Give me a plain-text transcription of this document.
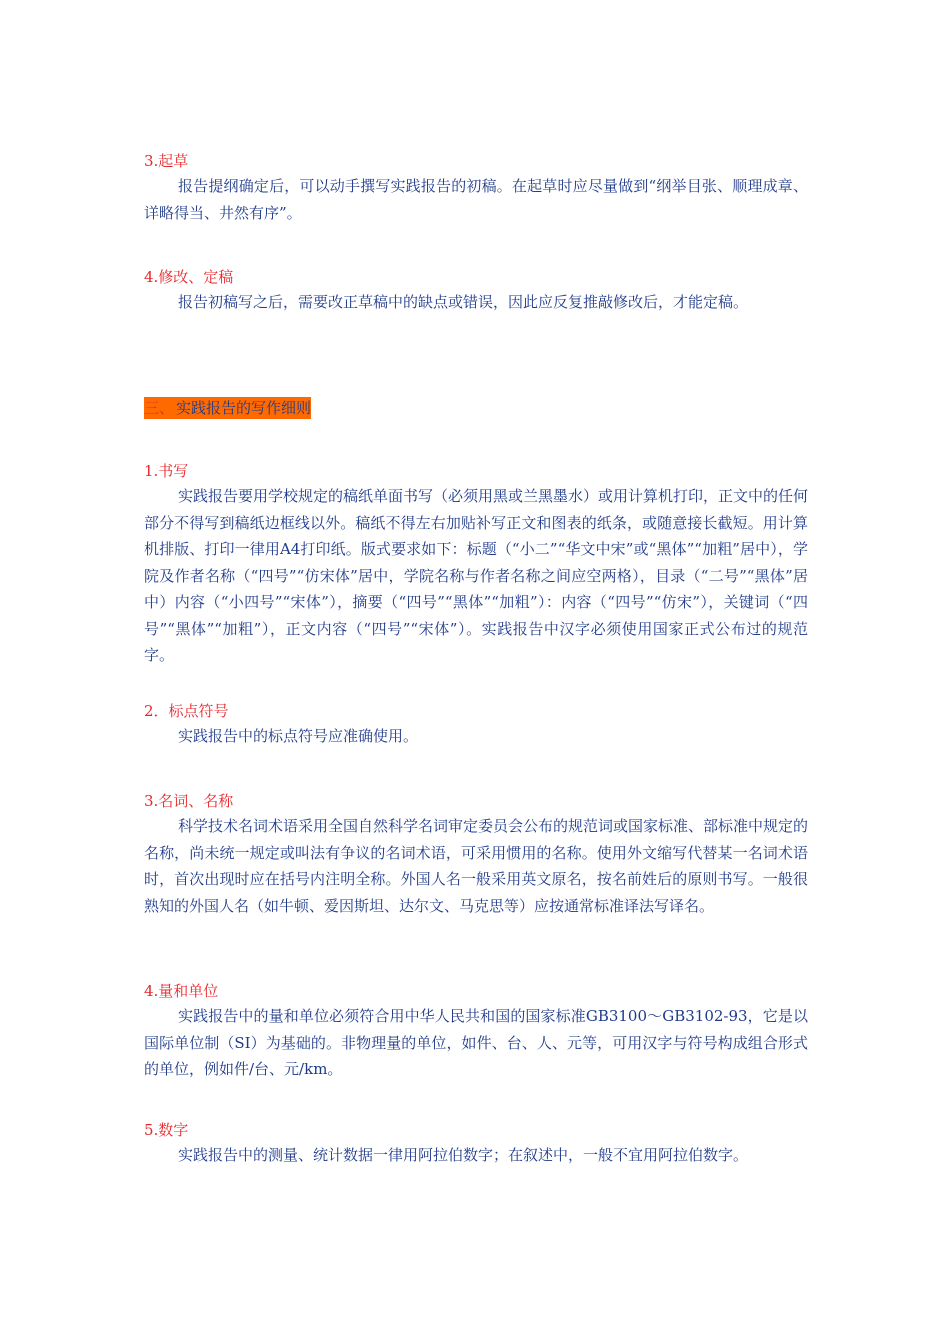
3.起草

报告提纲确定后，可以动手撰写实践报告的初稿。在起草时应尽量做到“纲举目张、顺理成章、详略得当、井然有序”。

4.修改、定稿

报告初稿写之后，需要改正草稿中的缺点或错误，因此应反复推敲修改后，才能定稿。

三、 实践报告的写作细则
1.书写

实践报告要用学校规定的稿纸单面书写（必须用黑或兰黑墨水）或用计算机打印，正文中的任何部分不得写到稿纸边框线以外。稿纸不得左右加贴补写正文和图表的纸条，或随意接长截短。用计算机排版、打印一律用A4打印纸。版式要求如下：标题（“小二”“华文中宋”或“黑体”“加粗”居中），学院及作者名称（“四号”“仿宋体”居中，学院名称与作者名称之间应空两格），目录（“二号”“黑体”居中）内容（“小四号”“宋体”），摘要（“四号”“黑体”“加粗”）：内容（“四号”“仿宋”），关键词（“四号”“黑体”“加粗”），正文内容（“四号”“宋体”）。实践报告中汉字必须使用国家正式公布过的规范字。

2．标点符号

实践报告中的标点符号应准确使用。

3.名词、名称

科学技术名词术语采用全国自然科学名词审定委员会公布的规范词或国家标准、部标准中规定的名称，尚未统一规定或叫法有争议的名词术语，可采用惯用的名称。使用外文缩写代替某一名词术语时，首次出现时应在括号内注明全称。外国人名一般采用英文原名，按名前姓后的原则书写。一般很熟知的外国人名（如牛顿、爱因斯坦、达尔文、马克思等）应按通常标准译法写译名。

4.量和单位

实践报告中的量和单位必须符合用中华人民共和国的国家标准GB3100～GB3102-93，它是以国际单位制（SI）为基础的。非物理量的单位，如件、台、人、元等，可用汉字与符号构成组合形式的单位，例如件/台、元/km。

5.数字

实践报告中的测量、统计数据一律用阿拉伯数字；在叙述中，一般不宜用阿拉伯数字。
